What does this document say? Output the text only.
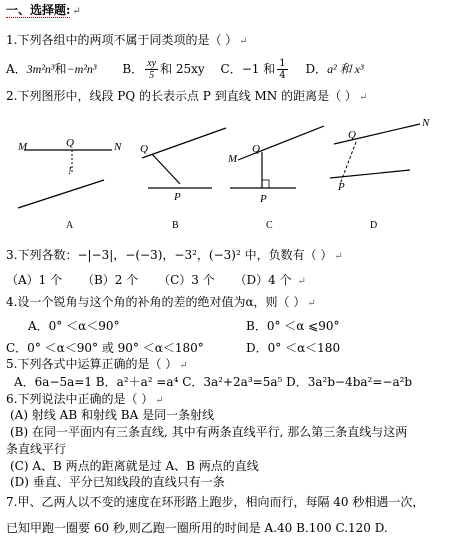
一、选择题: ↵
1.下列各组中的两项不属于同类项的是（ ） ↵
A．3m²n³和−m²n³ B． $\frac{xy}{5}$ 和 25xy C．−1 和 $\frac{1}{4}$ D．a² 和 x³
2.下列图形中，线段 PQ 的长表示点 P 到直线 MN 的距离是（ ） ↵
M	N
Q
!
A
Q
P
B
M
Q
P
C
N
Q
P
D
3.下列各数：−|−3|，−(−3)，−3²，(−3)² 中，负数有（ ） ↵
（A）1 个 （B）2 个 （C）3 个 （D）4 个 ↵
4.设一个锐角与这个角的补角的差的绝对值为α，则（ ） ↵
A．0° ＜α＜90°	B．0° ＜α ⩽90°
C．0° ＜α＜90° 或 90° ＜α＜180°	D．0° ＜α＜180
5.下列各式中运算正确的是（ ） ↵
A．6a−5a=1 B．a²＋a² =a⁴ C．3a²+2a³=5a⁵ D．3a²b−4ba²=−a²b
6.下列说法中正确的是（ ） ↵
(A) 射线 AB 和射线 BA 是同一条射线
(B) 在同一平面内有三条直线, 其中有两条直线平行, 那么第三条直线与这两
条直线平行
(C) A、B 两点的距离就是过 A、B 两点的直线
(D) 垂直、平分已知线段的直线只有一条
7.甲、乙两人以不变的速度在环形路上跑步，相向而行，每隔 40 秒相遇一次，
已知甲跑一圈要 60 秒,则乙跑一圈所用的时间是 A.40 B.100 C.120 D.
